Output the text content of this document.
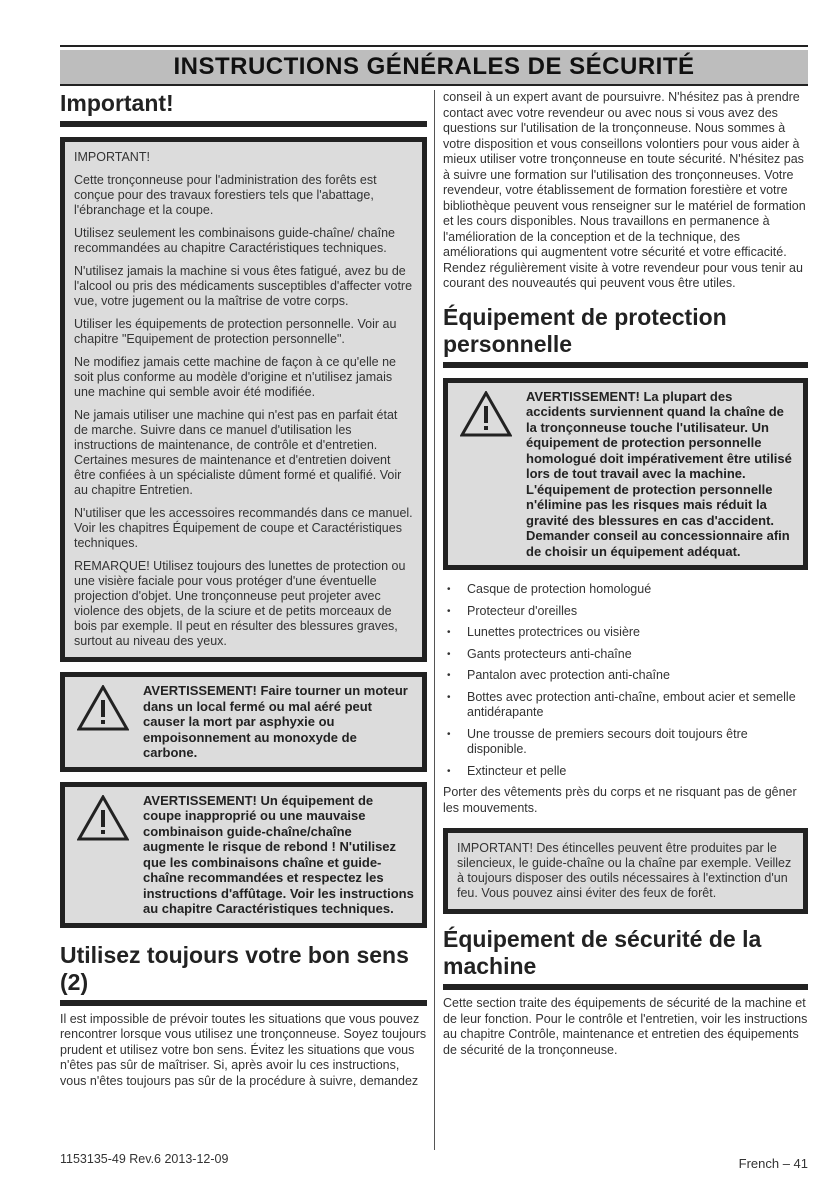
INSTRUCTIONS GÉNÉRALES DE SÉCURITÉ
Important!

IMPORTANT!

Cette tronçonneuse pour l'administration des forêts est conçue pour des travaux forestiers tels que l'abattage, l'ébranchage et la coupe.

Utilisez seulement les combinaisons guide-chaîne/ chaîne recommandées au chapitre Caractéristiques techniques.

N'utilisez jamais la machine si vous êtes fatigué, avez bu de l'alcool ou pris des médicaments susceptibles d'affecter votre vue, votre jugement ou la maîtrise de votre corps.

Utiliser les équipements de protection personnelle. Voir au chapitre "Equipement de protection personnelle".

Ne modifiez jamais cette machine de façon à ce qu'elle ne soit plus conforme au modèle d'origine et n'utilisez jamais une machine qui semble avoir été modifiée.

Ne jamais utiliser une machine qui n'est pas en parfait état de marche. Suivre dans ce manuel d'utilisation les instructions de maintenance, de contrôle et d'entretien. Certaines mesures de maintenance et d'entretien doivent être confiées à un spécialiste dûment formé et qualifié. Voir au chapitre Entretien.

N'utiliser que les accessoires recommandés dans ce manuel. Voir les chapitres Équipement de coupe et Caractéristiques techniques.

REMARQUE! Utilisez toujours des lunettes de protection ou une visière faciale pour vous protéger d'une éventuelle projection d'objet. Une tronçonneuse peut projeter avec violence des objets, de la sciure et de petits morceaux de bois par exemple. Il peut en résulter des blessures graves, surtout au niveau des yeux.

AVERTISSEMENT! Faire tourner un moteur dans un local fermé ou mal aéré peut causer la mort par asphyxie ou empoisonnement au monoxyde de carbone.

AVERTISSEMENT! Un équipement de coupe inapproprié ou une mauvaise combinaison guide-chaîne/chaîne augmente le risque de rebond ! N'utilisez que les combinaisons chaîne et guide-chaîne recommandées et respectez les instructions d'affûtage. Voir les instructions au chapitre Caractéristiques techniques.

Utilisez toujours votre bon sens (2)

Il est impossible de prévoir toutes les situations que vous pouvez rencontrer lorsque vous utilisez une tronçonneuse. Soyez toujours prudent et utilisez votre bon sens. Évitez les situations que vous n'êtes pas sûr de maîtriser. Si, après avoir lu ces instructions, vous n'êtes toujours pas sûr de la procédure à suivre, demandez

conseil à un expert avant de poursuivre. N'hésitez pas à prendre contact avec votre revendeur ou avec nous si vous avez des questions sur l'utilisation de la tronçonneuse. Nous sommes à votre disposition et vous conseillons volontiers pour vous aider à mieux utiliser votre tronçonneuse en toute sécurité. N'hésitez pas à suivre une formation sur l'utilisation des tronçonneuses. Votre revendeur, votre établissement de formation forestière et votre bibliothèque peuvent vous renseigner sur le matériel de formation et les cours disponibles. Nous travaillons en permanence à l'amélioration de la conception et de la technique, des améliorations qui augmentent votre sécurité et votre efficacité. Rendez régulièrement visite à votre revendeur pour vous tenir au courant des nouveautés qui peuvent vous être utiles.

Équipement de protection personnelle

AVERTISSEMENT! La plupart des accidents surviennent quand la chaîne de la tronçonneuse touche l'utilisateur. Un équipement de protection personnelle homologué doit impérativement être utilisé lors de tout travail avec la machine. L'équipement de protection personnelle n'élimine pas les risques mais réduit la gravité des blessures en cas d'accident. Demander conseil au concessionnaire afin de choisir un équipement adéquat.

• Casque de protection homologué
• Protecteur d'oreilles
• Lunettes protectrices ou visière
• Gants protecteurs anti-chaîne
• Pantalon avec protection anti-chaîne
• Bottes avec protection anti-chaîne, embout acier et semelle antidérapante
• Une trousse de premiers secours doit toujours être disponible.
• Extincteur et pelle

Porter des vêtements près du corps et ne risquant pas de gêner les mouvements.

IMPORTANT! Des étincelles peuvent être produites par le silencieux, le guide-chaîne ou la chaîne par exemple. Veillez à toujours disposer des outils nécessaires à l'extinction d'un feu. Vous pouvez ainsi éviter des feux de forêt.

Équipement de sécurité de la machine

Cette section traite des équipements de sécurité de la machine et de leur fonction. Pour le contrôle et l'entretien, voir les instructions au chapitre Contrôle, maintenance et entretien des équipements de sécurité de la tronçonneuse.

1153135-49 Rev.6 2013-12-09	French – 41
